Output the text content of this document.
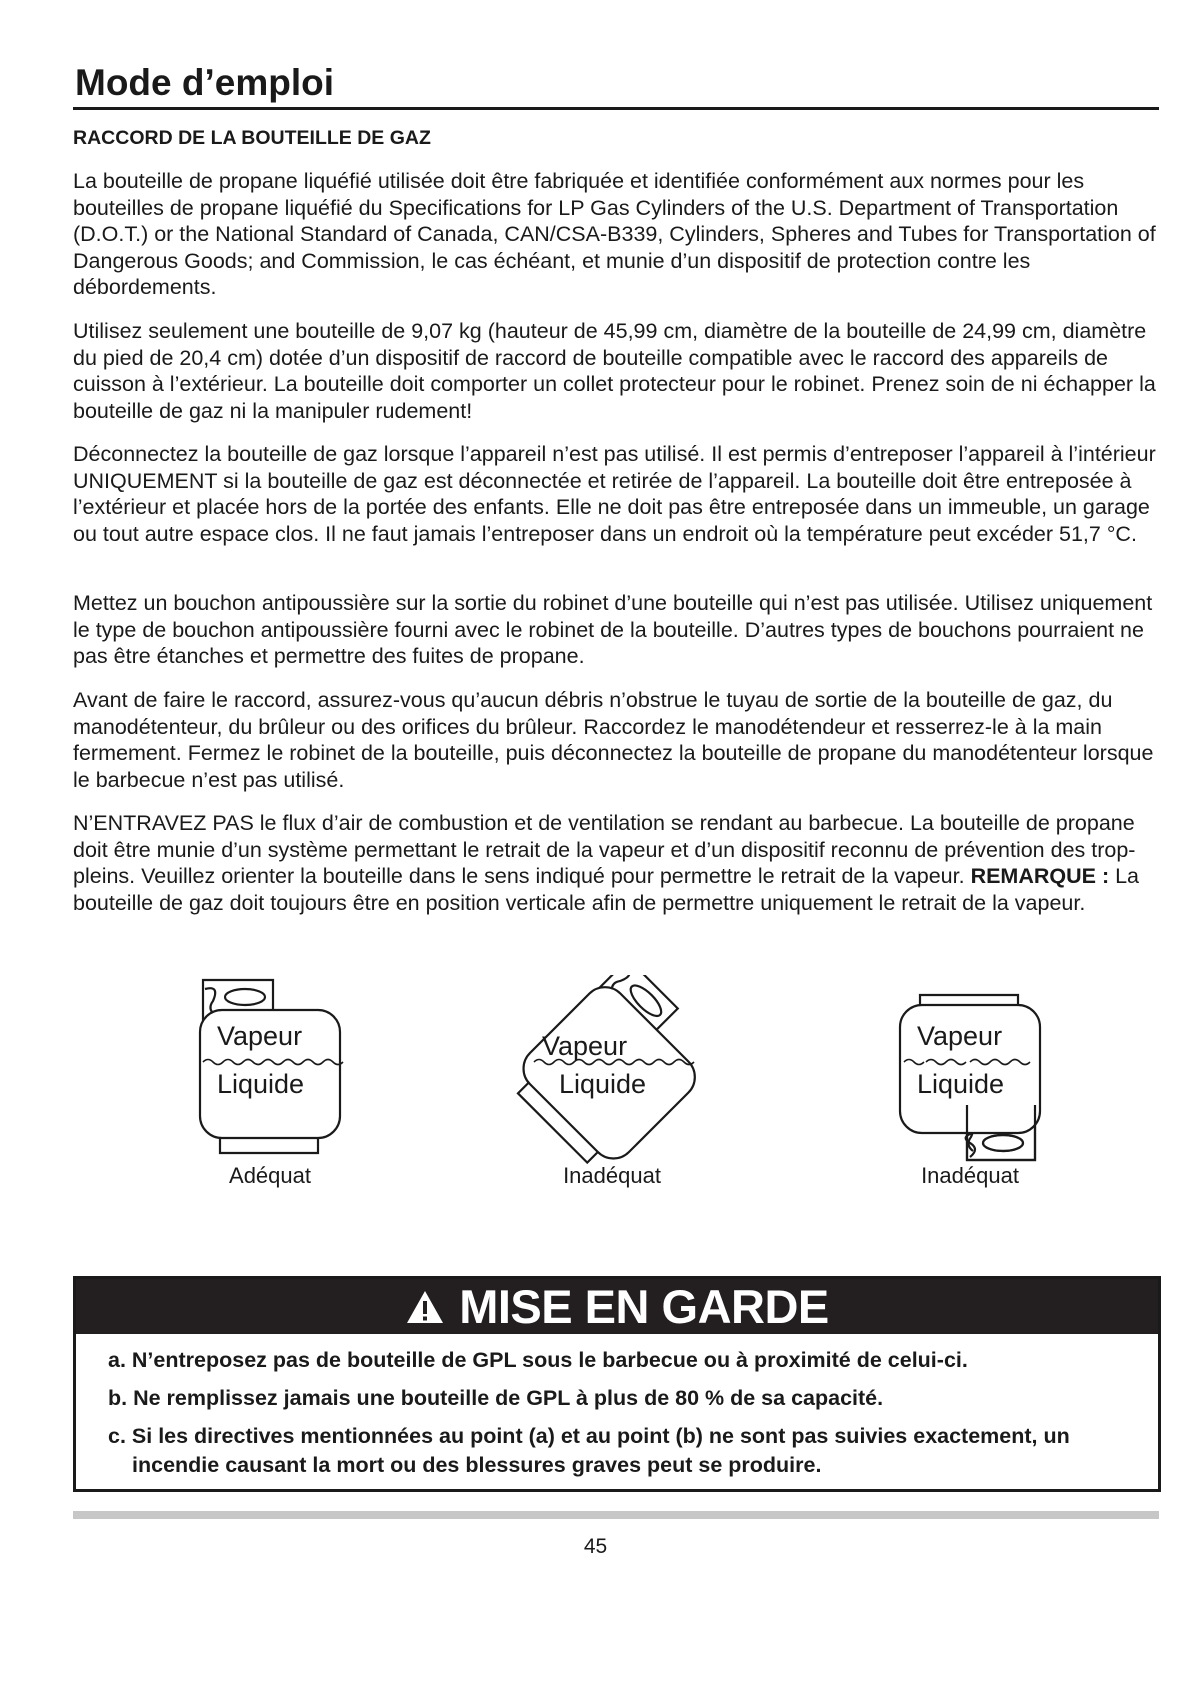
Mode d’emploi
RACCORD DE LA BOUTEILLE DE GAZ

La bouteille de propane liquéfié utilisée doit être fabriquée et identifiée conformément aux normes pour les bouteilles de propane liquéfié du Specifications for LP Gas Cylinders of the U.S. Department of Transportation (D.O.T.) or the National Standard of Canada, CAN/CSA-B339, Cylinders, Spheres and Tubes for Transportation of Dangerous Goods; and Commission, le cas échéant, et munie d’un dispositif de protection contre les débordements.

Utilisez seulement une bouteille de 9,07 kg (hauteur de 45,99 cm, diamètre de la bouteille de 24,99 cm, diamètre du pied de 20,4 cm) dotée d’un dispositif de raccord de bouteille compatible avec le raccord des appareils de cuisson à l’extérieur. La bouteille doit comporter un collet protecteur pour le robinet. Prenez soin de ni échapper la bouteille de gaz ni la manipuler rudement!

Déconnectez la bouteille de gaz lorsque l’appareil n’est pas utilisé. Il est permis d’entreposer l’appareil à l’intérieur UNIQUEMENT si la bouteille de gaz est déconnectée et retirée de l’appareil. La bouteille doit être entreposée à l’extérieur et placée hors de la portée des enfants. Elle ne doit pas être entreposée dans un immeuble, un garage ou tout autre espace clos. Il ne faut jamais l’entreposer dans un endroit où la température peut excéder 51,7 °C.

Mettez un bouchon antipoussière sur la sortie du robinet d’une bouteille qui n’est pas utilisée. Utilisez uniquement le type de bouchon antipoussière fourni avec le robinet de la bouteille. D’autres types de bouchons pourraient ne pas être étanches et permettre des fuites de propane.

Avant de faire le raccord, assurez-vous qu’aucun débris n’obstrue le tuyau de sortie de la bouteille de gaz, du manodétenteur, du brûleur ou des orifices du brûleur. Raccordez le manodétendeur et resserrez-le à la main fermement. Fermez le robinet de la bouteille, puis déconnectez la bouteille de propane du manodétenteur lorsque le barbecue n’est pas utilisé.

N’ENTRAVEZ PAS le flux d’air de combustion et de ventilation se rendant au barbecue. La bouteille de propane doit être munie d’un système permettant le retrait de la vapeur et d’un dispositif reconnu de prévention des trop-pleins. Veuillez orienter la bouteille dans le sens indiqué pour permettre le retrait de la vapeur. REMARQUE : La bouteille de gaz doit toujours être en position verticale afin de permettre uniquement le retrait de la vapeur.

Vapeur
Liquide
Adéquat
Vapeur
Liquide
Inadéquat
Vapeur
Liquide
Inadéquat
MISE EN GARDE
a. N’entreposez pas de bouteille de GPL sous le barbecue ou à proximité de celui-ci.
b. Ne remplissez jamais une bouteille de GPL à plus de 80 % de sa capacité.
c. Si les directives mentionnées au point (a) et au point (b) ne sont pas suivies exactement, un incendie causant la mort ou des blessures graves peut se produire.
45
